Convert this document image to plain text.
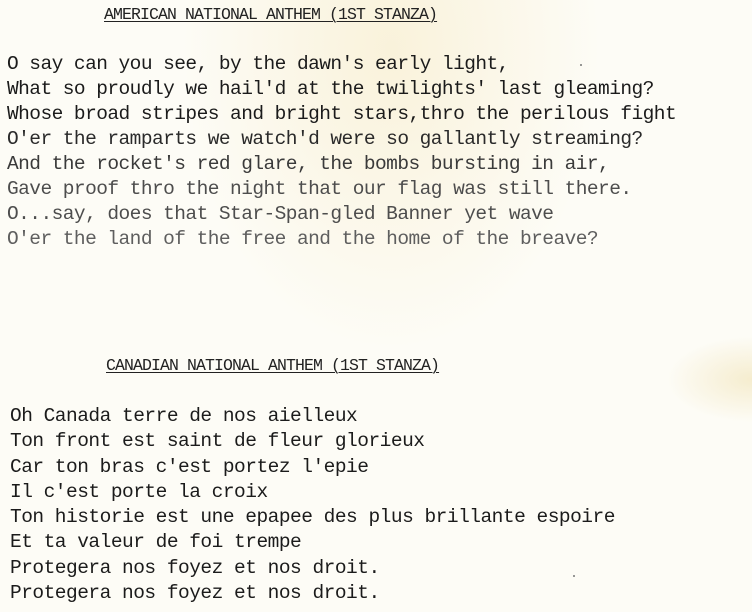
AMERICAN NATIONAL ANTHEM (1ST STANZA)
O say can you see, by the dawn's early light,
What so proudly we hail'd at the twilights' last gleaming?
Whose broad stripes and bright stars,thro the perilous fight
O'er the ramparts we watch'd were so gallantly streaming?
And the rocket's red glare, the bombs bursting in air,
Gave proof thro the night that our flag was still there.
O...say, does that Star-Span-gled Banner yet wave
O'er the land of the free and the home of the breave?
CANADIAN NATIONAL ANTHEM (1ST STANZA)
Oh Canada terre de nos aielleux
Ton front est saint de fleur glorieux
Car ton bras c'est portez l'epie
Il c'est porte la croix
Ton historie est une epapee des plus brillante espoire
Et ta valeur de foi trempe
Protegera nos foyez et nos droit.
Protegera nos foyez et nos droit.
